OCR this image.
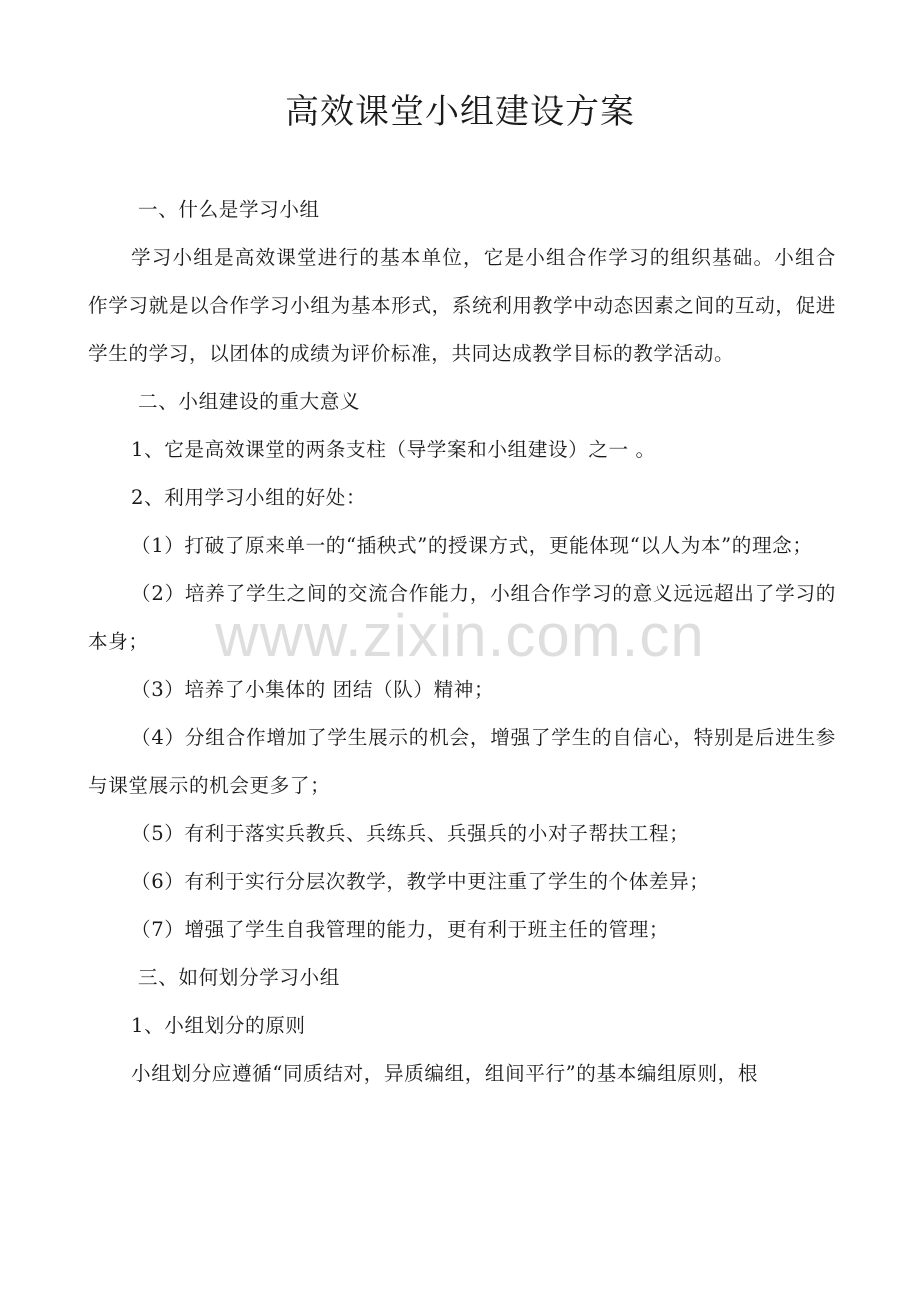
高效课堂小组建设方案

一、什么是学习小组

学习小组是高效课堂进行的基本单位，它是小组合作学习的组织基础。小组合作学习就是以合作学习小组为基本形式，系统利用教学中动态因素之间的互动，促进学生的学习，以团体的成绩为评价标准，共同达成教学目标的教学活动。

二、小组建设的重大意义

1、它是高效课堂的两条支柱（导学案和小组建设）之一 。

2、利用学习小组的好处：

（1）打破了原来单一的“插秧式”的授课方式，更能体现“以人为本”的理念；

（2）培养了学生之间的交流合作能力，小组合作学习的意义远远超出了学习的本身；

（3）培养了小集体的 团结（队）精神；

（4）分组合作增加了学生展示的机会，增强了学生的自信心，特别是后进生参与课堂展示的机会更多了；

（5）有利于落实兵教兵、兵练兵、兵强兵的小对子帮扶工程；

（6）有利于实行分层次教学，教学中更注重了学生的个体差异；

（7）增强了学生自我管理的能力，更有利于班主任的管理；

三、如何划分学习小组

1、小组划分的原则

小组划分应遵循“同质结对，异质编组，组间平行”的基本编组原则，根

www.zixin.com.cn
